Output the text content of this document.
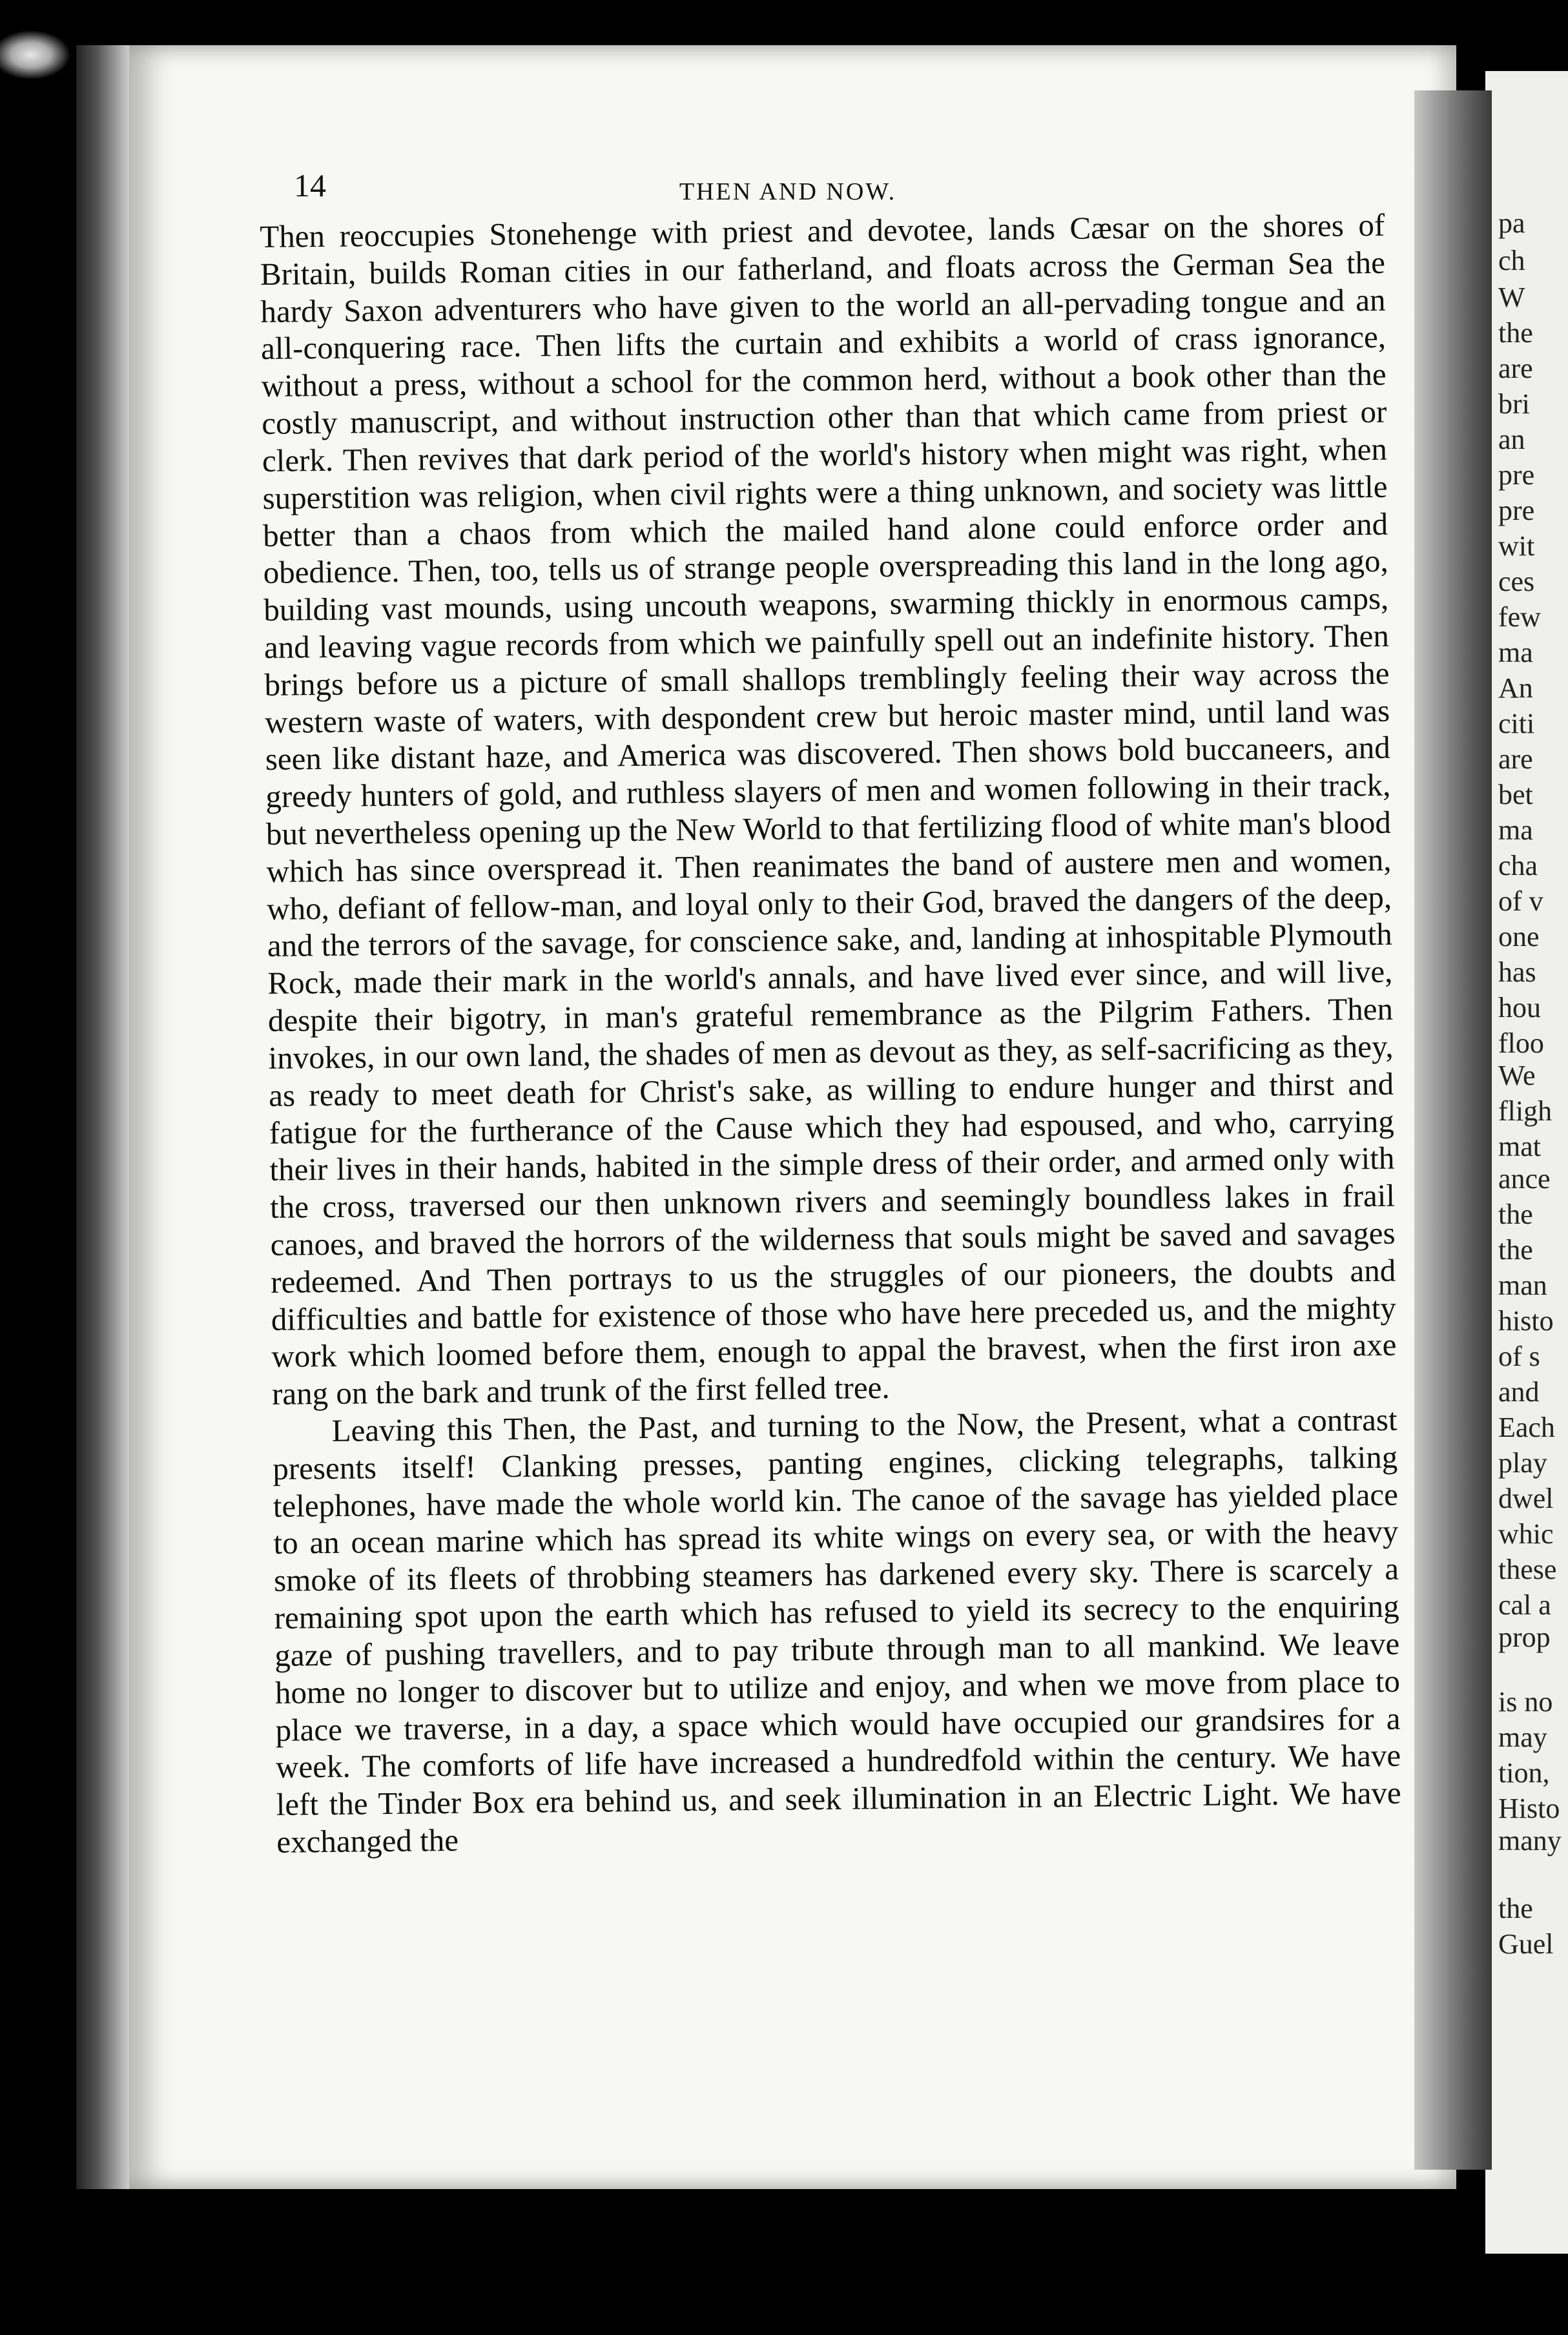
pa
ch
W
the
are
bri
an
pre
pre
wit
ces
few
ma
An
citi
are
bet
ma
cha
of v
one
has
hou
floo
We
fligh
mat
ance
the
the
man
histo
of s
and
Each
play
dwel
whic
these
cal a
prop
is no
may
tion,
Histo
many
the
Guel
14	THEN AND NOW.

Then reoccupies Stonehenge with priest and devotee, lands Cæsar on the shores of Britain, builds Roman cities in our fatherland, and floats across the German Sea the hardy Saxon adventurers who have given to the world an all-pervading tongue and an all-conquering race. Then lifts the curtain and exhibits a world of crass ignorance, without a press, without a school for the common herd, without a book other than the costly manuscript, and without instruction other than that which came from priest or clerk. Then revives that dark period of the world's history when might was right, when superstition was religion, when civil rights were a thing unknown, and society was little better than a chaos from which the mailed hand alone could enforce order and obedience. Then, too, tells us of strange people overspreading this land in the long ago, building vast mounds, using uncouth weapons, swarming thickly in enormous camps, and leaving vague records from which we painfully spell out an indefinite history. Then brings before us a picture of small shallops tremblingly feeling their way across the western waste of waters, with despondent crew but heroic master mind, until land was seen like distant haze, and America was discovered. Then shows bold buccaneers, and greedy hunters of gold, and ruthless slayers of men and women following in their track, but nevertheless opening up the New World to that fertilizing flood of white man's blood which has since overspread it. Then reanimates the band of austere men and women, who, defiant of fellow-man, and loyal only to their God, braved the dangers of the deep, and the terrors of the savage, for conscience sake, and, landing at inhospitable Plymouth Rock, made their mark in the world's annals, and have lived ever since, and will live, despite their bigotry, in man's grateful remembrance as the Pilgrim Fathers. Then invokes, in our own land, the shades of men as devout as they, as self-sacrificing as they, as ready to meet death for Christ's sake, as willing to endure hunger and thirst and fatigue for the furtherance of the Cause which they had espoused, and who, carrying their lives in their hands, habited in the simple dress of their order, and armed only with the cross, traversed our then unknown rivers and seemingly boundless lakes in frail canoes, and braved the horrors of the wilderness that souls might be saved and savages redeemed. And Then portrays to us the struggles of our pioneers, the doubts and difficulties and battle for existence of those who have here preceded us, and the mighty work which loomed before them, enough to appal the bravest, when the first iron axe rang on the bark and trunk of the first felled tree.

Leaving this Then, the Past, and turning to the Now, the Present, what a contrast presents itself! Clanking presses, panting engines, clicking telegraphs, talking telephones, have made the whole world kin. The canoe of the savage has yielded place to an ocean marine which has spread its white wings on every sea, or with the heavy smoke of its fleets of throbbing steamers has darkened every sky. There is scarcely a remaining spot upon the earth which has refused to yield its secrecy to the enquiring gaze of pushing travellers, and to pay tribute through man to all mankind. We leave home no longer to discover but to utilize and enjoy, and when we move from place to place we traverse, in a day, a space which would have occupied our grandsires for a week. The comforts of life have increased a hundredfold within the century. We have left the Tinder Box era behind us, and seek illumination in an Electric Light. We have exchanged the
